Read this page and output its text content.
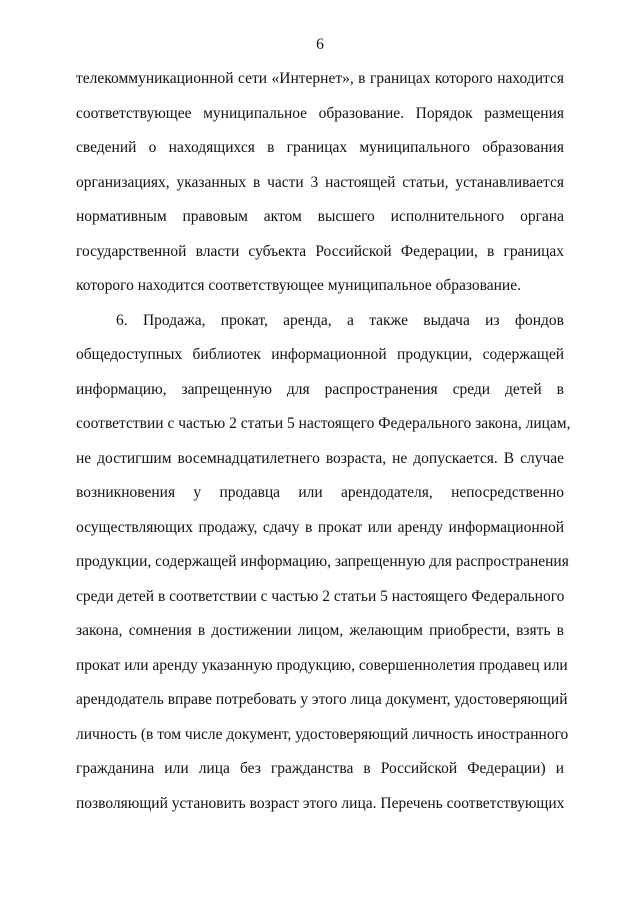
6
телекоммуникационной сети «Интернет», в границах которого находится
соответствующее муниципальное образование. Порядок размещения
сведений о находящихся в границах муниципального образования
организациях, указанных в части 3 настоящей статьи, устанавливается
нормативным правовым актом высшего исполнительного органа
государственной власти субъекта Российской Федерации, в границах
которого находится соответствующее муниципальное образование.
6. Продажа, прокат, аренда, а также выдача из фондов
общедоступных библиотек информационной продукции, содержащей
информацию, запрещенную для распространения среди детей в
соответствии с частью 2 статьи 5 настоящего Федерального закона, лицам,
не достигшим восемнадцатилетнего возраста, не допускается. В случае
возникновения у продавца или арендодателя, непосредственно
осуществляющих продажу, сдачу в прокат или аренду информационной
продукции, содержащей информацию, запрещенную для распространения
среди детей в соответствии с частью 2 статьи 5 настоящего Федерального
закона, сомнения в достижении лицом, желающим приобрести, взять в
прокат или аренду указанную продукцию, совершеннолетия продавец или
арендодатель вправе потребовать у этого лица документ, удостоверяющий
личность (в том числе документ, удостоверяющий личность иностранного
гражданина или лица без гражданства в Российской Федерации) и
позволяющий установить возраст этого лица. Перечень соответствующих
